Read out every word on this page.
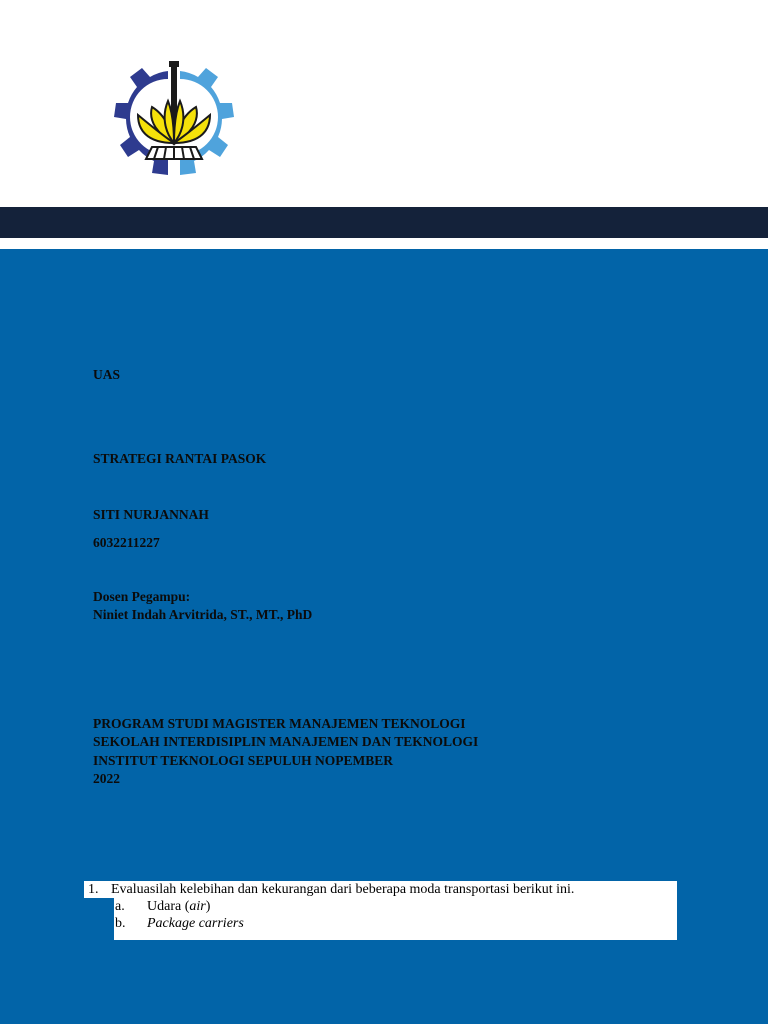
UAS

STRATEGI RANTAI PASOK

SITI NURJANNAH

6032211227

Dosen Pegampu:

Niniet Indah Arvitrida, ST., MT., PhD

PROGRAM STUDI MAGISTER MANAJEMEN TEKNOLOGI
SEKOLAH INTERDISIPLIN MANAJEMEN DAN TEKNOLOGI
INSTITUT TEKNOLOGI SEPULUH NOPEMBER
2022
1. Evaluasilah kelebihan dan kekurangan dari beberapa moda transportasi berikut ini.
a. Udara (air)
b. Package carriers
